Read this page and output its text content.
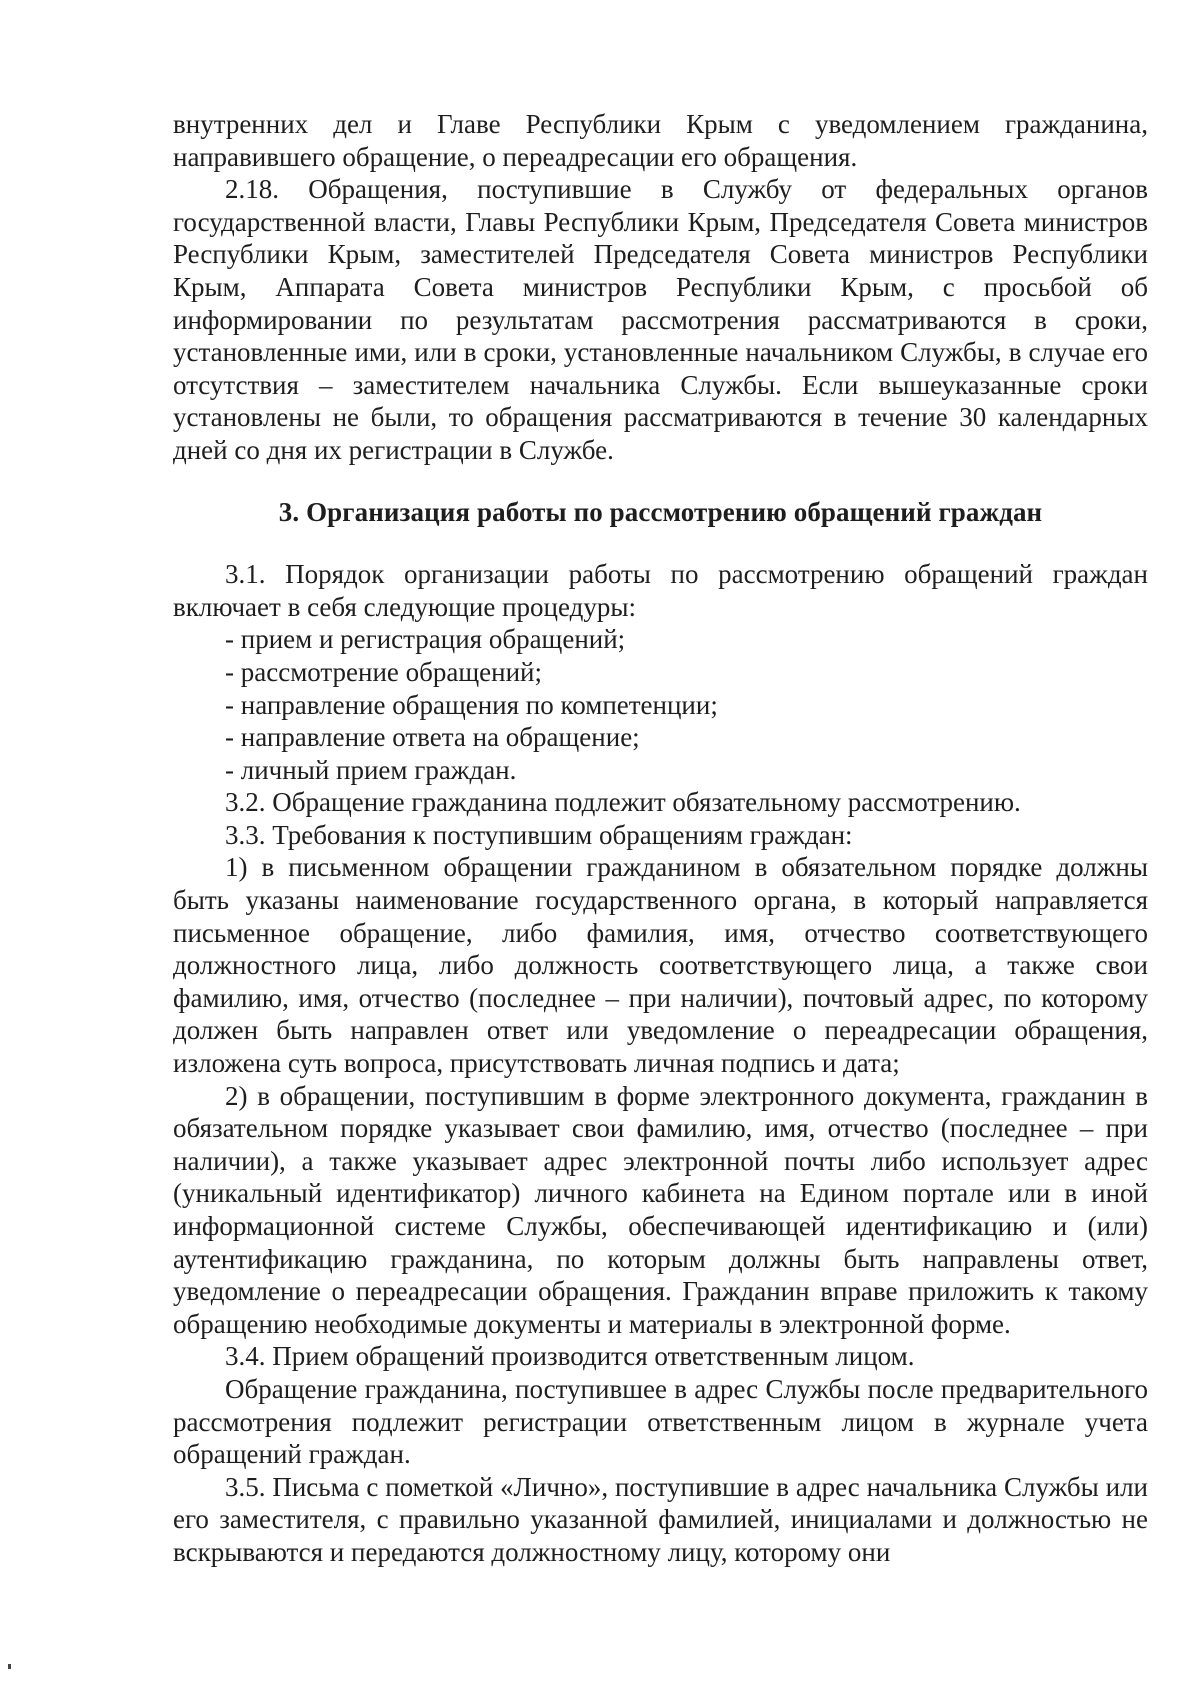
внутренних дел и Главе Республики Крым с уведомлением гражданина, направившего обращение, о переадресации его обращения.

2.18. Обращения, поступившие в Службу от федеральных органов государственной власти, Главы Республики Крым, Председателя Совета министров Республики Крым, заместителей Председателя Совета министров Республики Крым, Аппарата Совета министров Республики Крым, с просьбой об информировании по результатам рассмотрения рассматриваются в сроки, установленные ими, или в сроки, установленные начальником Службы, в случае его отсутствия – заместителем начальника Службы. Если вышеуказанные сроки установлены не были, то обращения рассматриваются в течение 30 календарных дней со дня их регистрации в Службе.

3. Организация работы по рассмотрению обращений граждан

3.1. Порядок организации работы по рассмотрению обращений граждан включает в себя следующие процедуры:

- прием и регистрация обращений;

- рассмотрение обращений;

- направление обращения по компетенции;

- направление ответа на обращение;

- личный прием граждан.

3.2. Обращение гражданина подлежит обязательному рассмотрению.

3.3. Требования к поступившим обращениям граждан:

1) в письменном обращении гражданином в обязательном порядке должны быть указаны наименование государственного органа, в который направляется письменное обращение, либо фамилия, имя, отчество соответствующего должностного лица, либо должность соответствующего лица, а также свои фамилию, имя, отчество (последнее – при наличии), почтовый адрес, по которому должен быть направлен ответ или уведомление о переадресации обращения, изложена суть вопроса, присутствовать личная подпись и дата;

2) в обращении, поступившим в форме электронного документа, гражданин в обязательном порядке указывает свои фамилию, имя, отчество (последнее – при наличии), а также указывает адрес электронной почты либо использует адрес (уникальный идентификатор) личного кабинета на Едином портале или в иной информационной системе Службы, обеспечивающей идентификацию и (или) аутентификацию гражданина, по которым должны быть направлены ответ, уведомление о переадресации обращения. Гражданин вправе приложить к такому обращению необходимые документы и материалы в электронной форме.

3.4. Прием обращений производится ответственным лицом.

Обращение гражданина, поступившее в адрес Службы после предварительного рассмотрения подлежит регистрации ответственным лицом в журнале учета обращений граждан.

3.5. Письма с пометкой «Лично», поступившие в адрес начальника Службы или его заместителя, с правильно указанной фамилией, инициалами и должностью не вскрываются и передаются должностному лицу, которому они
